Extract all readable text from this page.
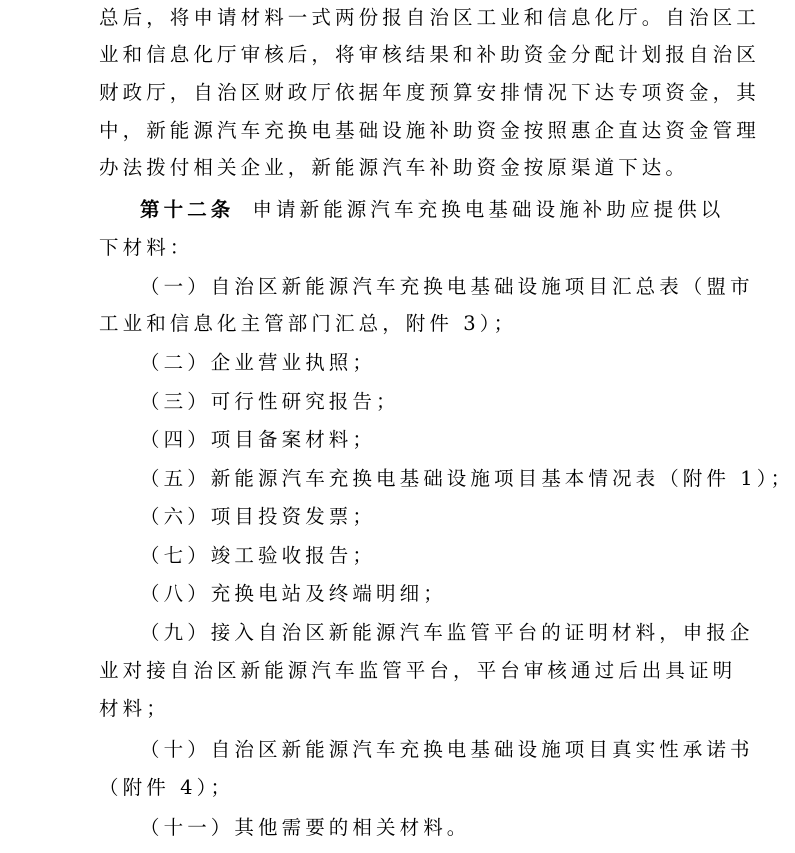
总后，将申请材料一式两份报自治区工业和信息化厅。自治区工
业和信息化厅审核后，将审核结果和补助资金分配计划报自治区
财政厅，自治区财政厅依据年度预算安排情况下达专项资金，其
中，新能源汽车充换电基础设施补助资金按照惠企直达资金管理
办法拨付相关企业，新能源汽车补助资金按原渠道下达。
第十二条 申请新能源汽车充换电基础设施补助应提供以
下材料：
（一）自治区新能源汽车充换电基础设施项目汇总表（盟市
工业和信息化主管部门汇总，附件 3）；
（二）企业营业执照；
（三）可行性研究报告；
（四）项目备案材料；
（五）新能源汽车充换电基础设施项目基本情况表（附件 1）；
（六）项目投资发票；
（七）竣工验收报告；
（八）充换电站及终端明细；
（九）接入自治区新能源汽车监管平台的证明材料，申报企
业对接自治区新能源汽车监管平台，平台审核通过后出具证明
材料；
（十）自治区新能源汽车充换电基础设施项目真实性承诺书
（附件 4）；
（十一）其他需要的相关材料。
